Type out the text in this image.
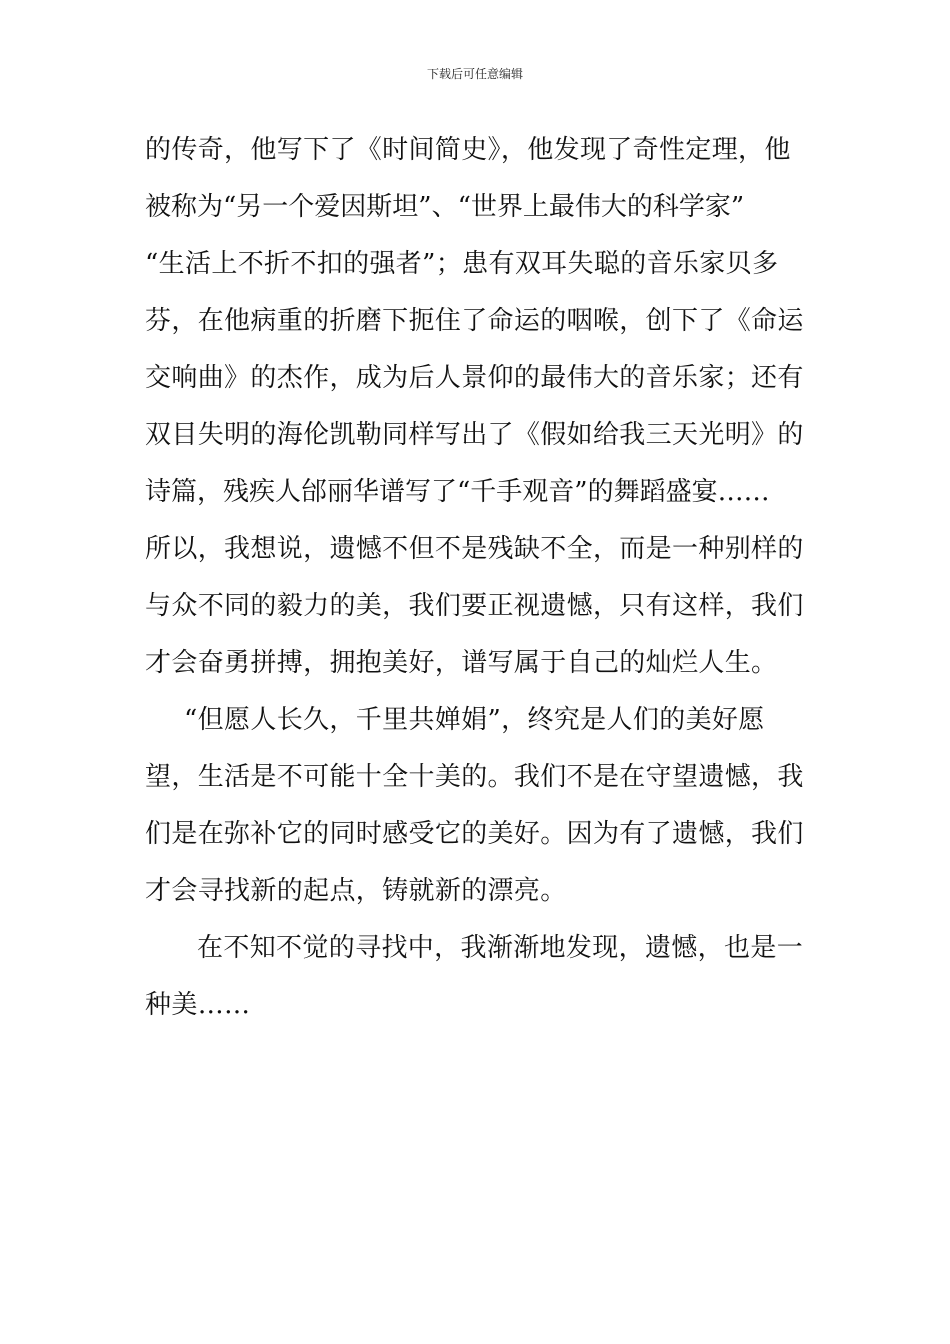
下载后可任意编辑
的传奇，他写下了《时间简史》，他发现了奇性定理，他
被称为“另一个爱因斯坦”、“世界上最伟大的科学家”
“生活上不折不扣的强者”；患有双耳失聪的音乐家贝多
芬，在他病重的折磨下扼住了命运的咽喉，创下了《命运
交响曲》的杰作，成为后人景仰的最伟大的音乐家；还有
双目失明的海伦凯勒同样写出了《假如给我三天光明》的
诗篇，残疾人邰丽华谱写了“千手观音”的舞蹈盛宴……
所以，我想说，遗憾不但不是残缺不全，而是一种别样的
与众不同的毅力的美，我们要正视遗憾，只有这样，我们
才会奋勇拼搏，拥抱美好，谱写属于自己的灿烂人生。
“但愿人长久，千里共婵娟”，终究是人们的美好愿
望，生活是不可能十全十美的。我们不是在守望遗憾，我
们是在弥补它的同时感受它的美好。因为有了遗憾，我们
才会寻找新的起点，铸就新的漂亮。
在不知不觉的寻找中，我渐渐地发现，遗憾，也是一
种美……
